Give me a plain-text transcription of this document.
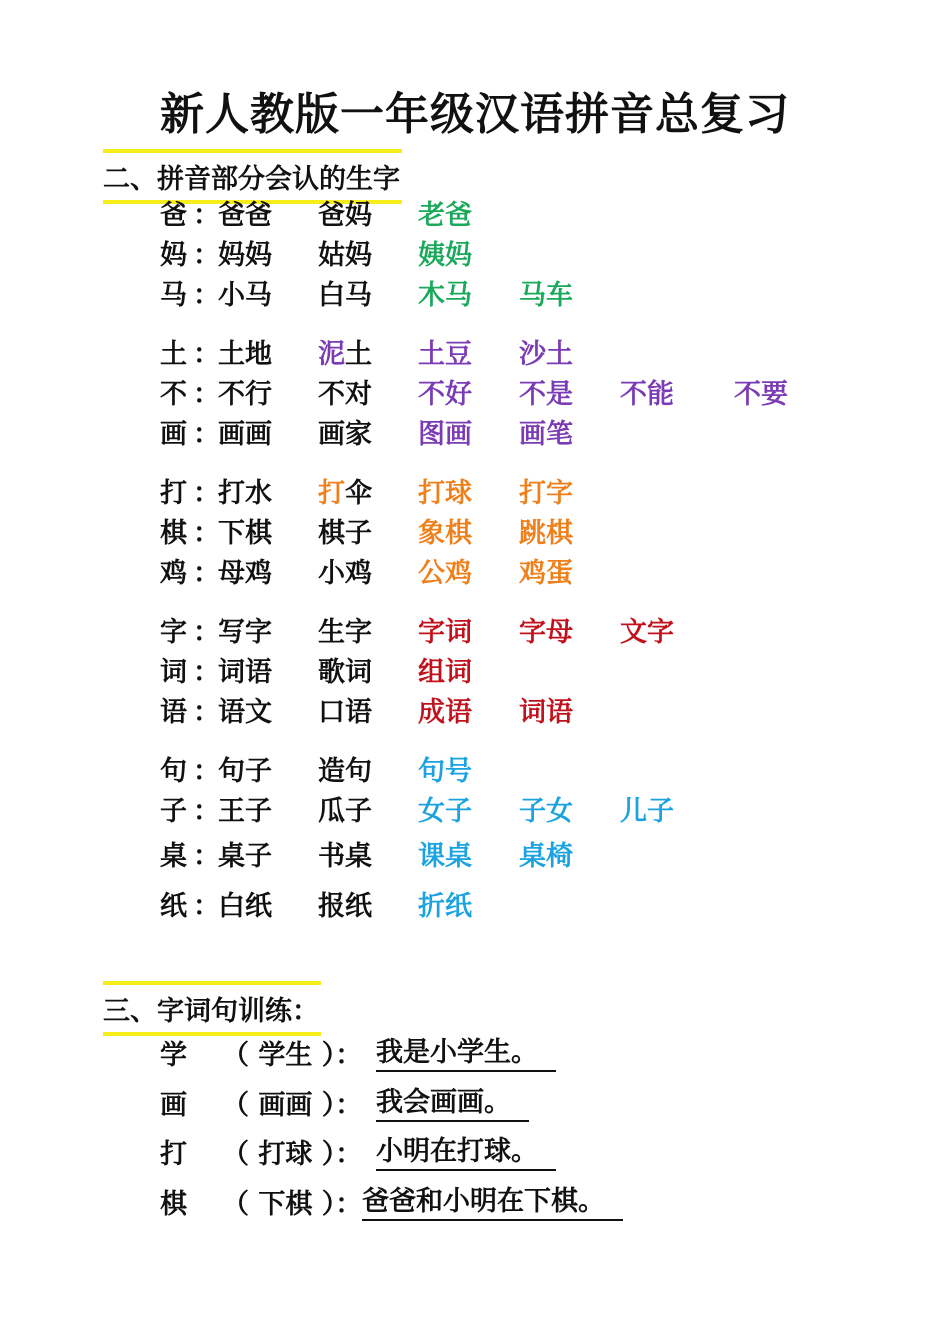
新人教版一年级汉语拼音总复习
二、拼音部分会认的生字
爸 ：
爸爸 爸妈 老爸
妈 ：
妈妈 姑妈 姨妈
马 ：
小马 白马 木马 马车
土 ：
土地 泥土 土豆 沙土
不 ：
不行 不对 不好 不是 不能 不要
画 ：
画画 画家 图画 画笔
打 ：
打水 打伞 打球 打字
棋 ：
下棋 棋子 象棋 跳棋
鸡 ：
母鸡 小鸡 公鸡 鸡蛋
字 ：
写字 生字 字词 字母 文字
词 ：
词语 歌词 组词
语 ：
语文 口语 成语 词语
句 ：
句子 造句 句号
子 ：
王子 瓜子 女子 子女 儿子
桌 ：
桌子 书桌 课桌 桌椅
纸 ：
白纸 报纸 折纸
三、字词句训练：
学 （ 学生 ）： 我是小学生。
画 （ 画画 ）： 我会画画。
打 （ 打球 ）： 小明在打球。
棋 （ 下棋 ）： 爸爸和小明在下棋。
